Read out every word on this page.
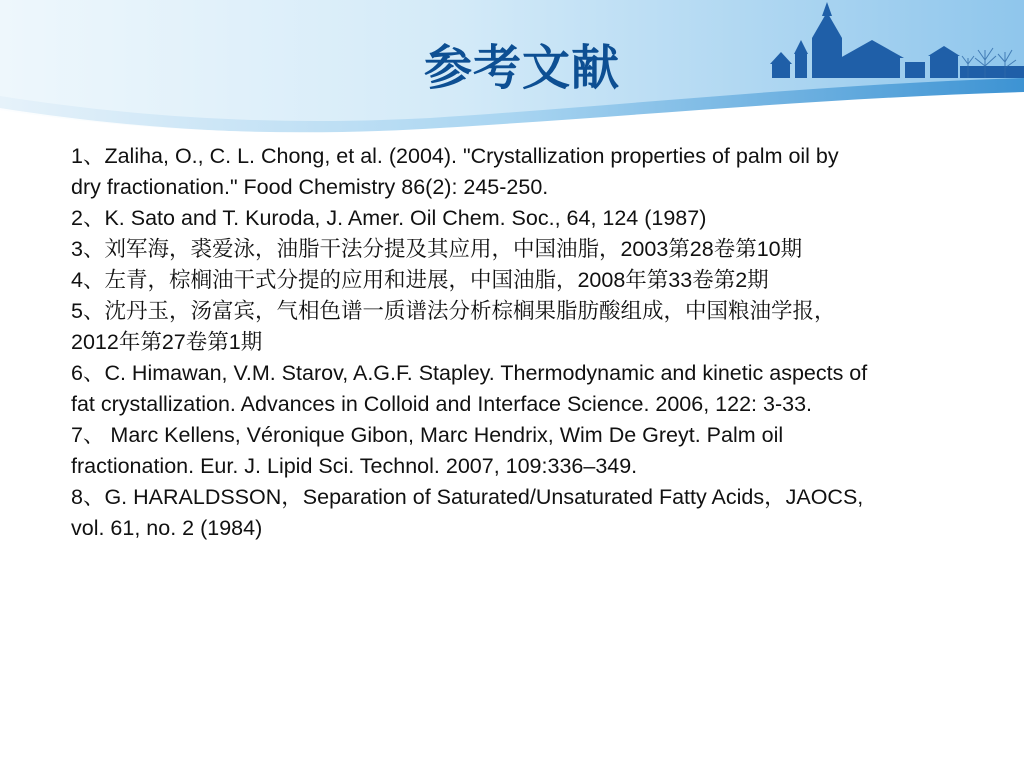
参考文献

1、Zaliha, O., C. L. Chong, et al. (2004). "Crystallization properties of palm oil by dry fractionation." Food Chemistry 86(2): 245-250.

2、K. Sato and T. Kuroda, J. Amer. Oil Chem. Soc., 64, 124 (1987)

3、刘军海，裘爱泳，油脂干法分提及其应用，中国油脂，2003第28卷第10期

4、左青，棕榈油干式分提的应用和进展，中国油脂，2008年第33卷第2期

5、沈丹玉，汤富宾，气相色谱一质谱法分析棕榈果脂肪酸组成，中国粮油学报，2012年第27卷第1期

6、C. Himawan, V.M. Starov, A.G.F. Stapley. Thermodynamic and kinetic aspects of fat crystallization. Advances in Colloid and Interface Science. 2006, 122: 3-33.

7、 Marc Kellens, Véronique Gibon, Marc Hendrix, Wim De Greyt. Palm oil fractionation. Eur. J. Lipid Sci. Technol. 2007, 109:336–349.

8、G. HARALDSSON，Separation of Saturated/Unsaturated Fatty Acids，JAOCS, vol. 61, no. 2 (1984)
